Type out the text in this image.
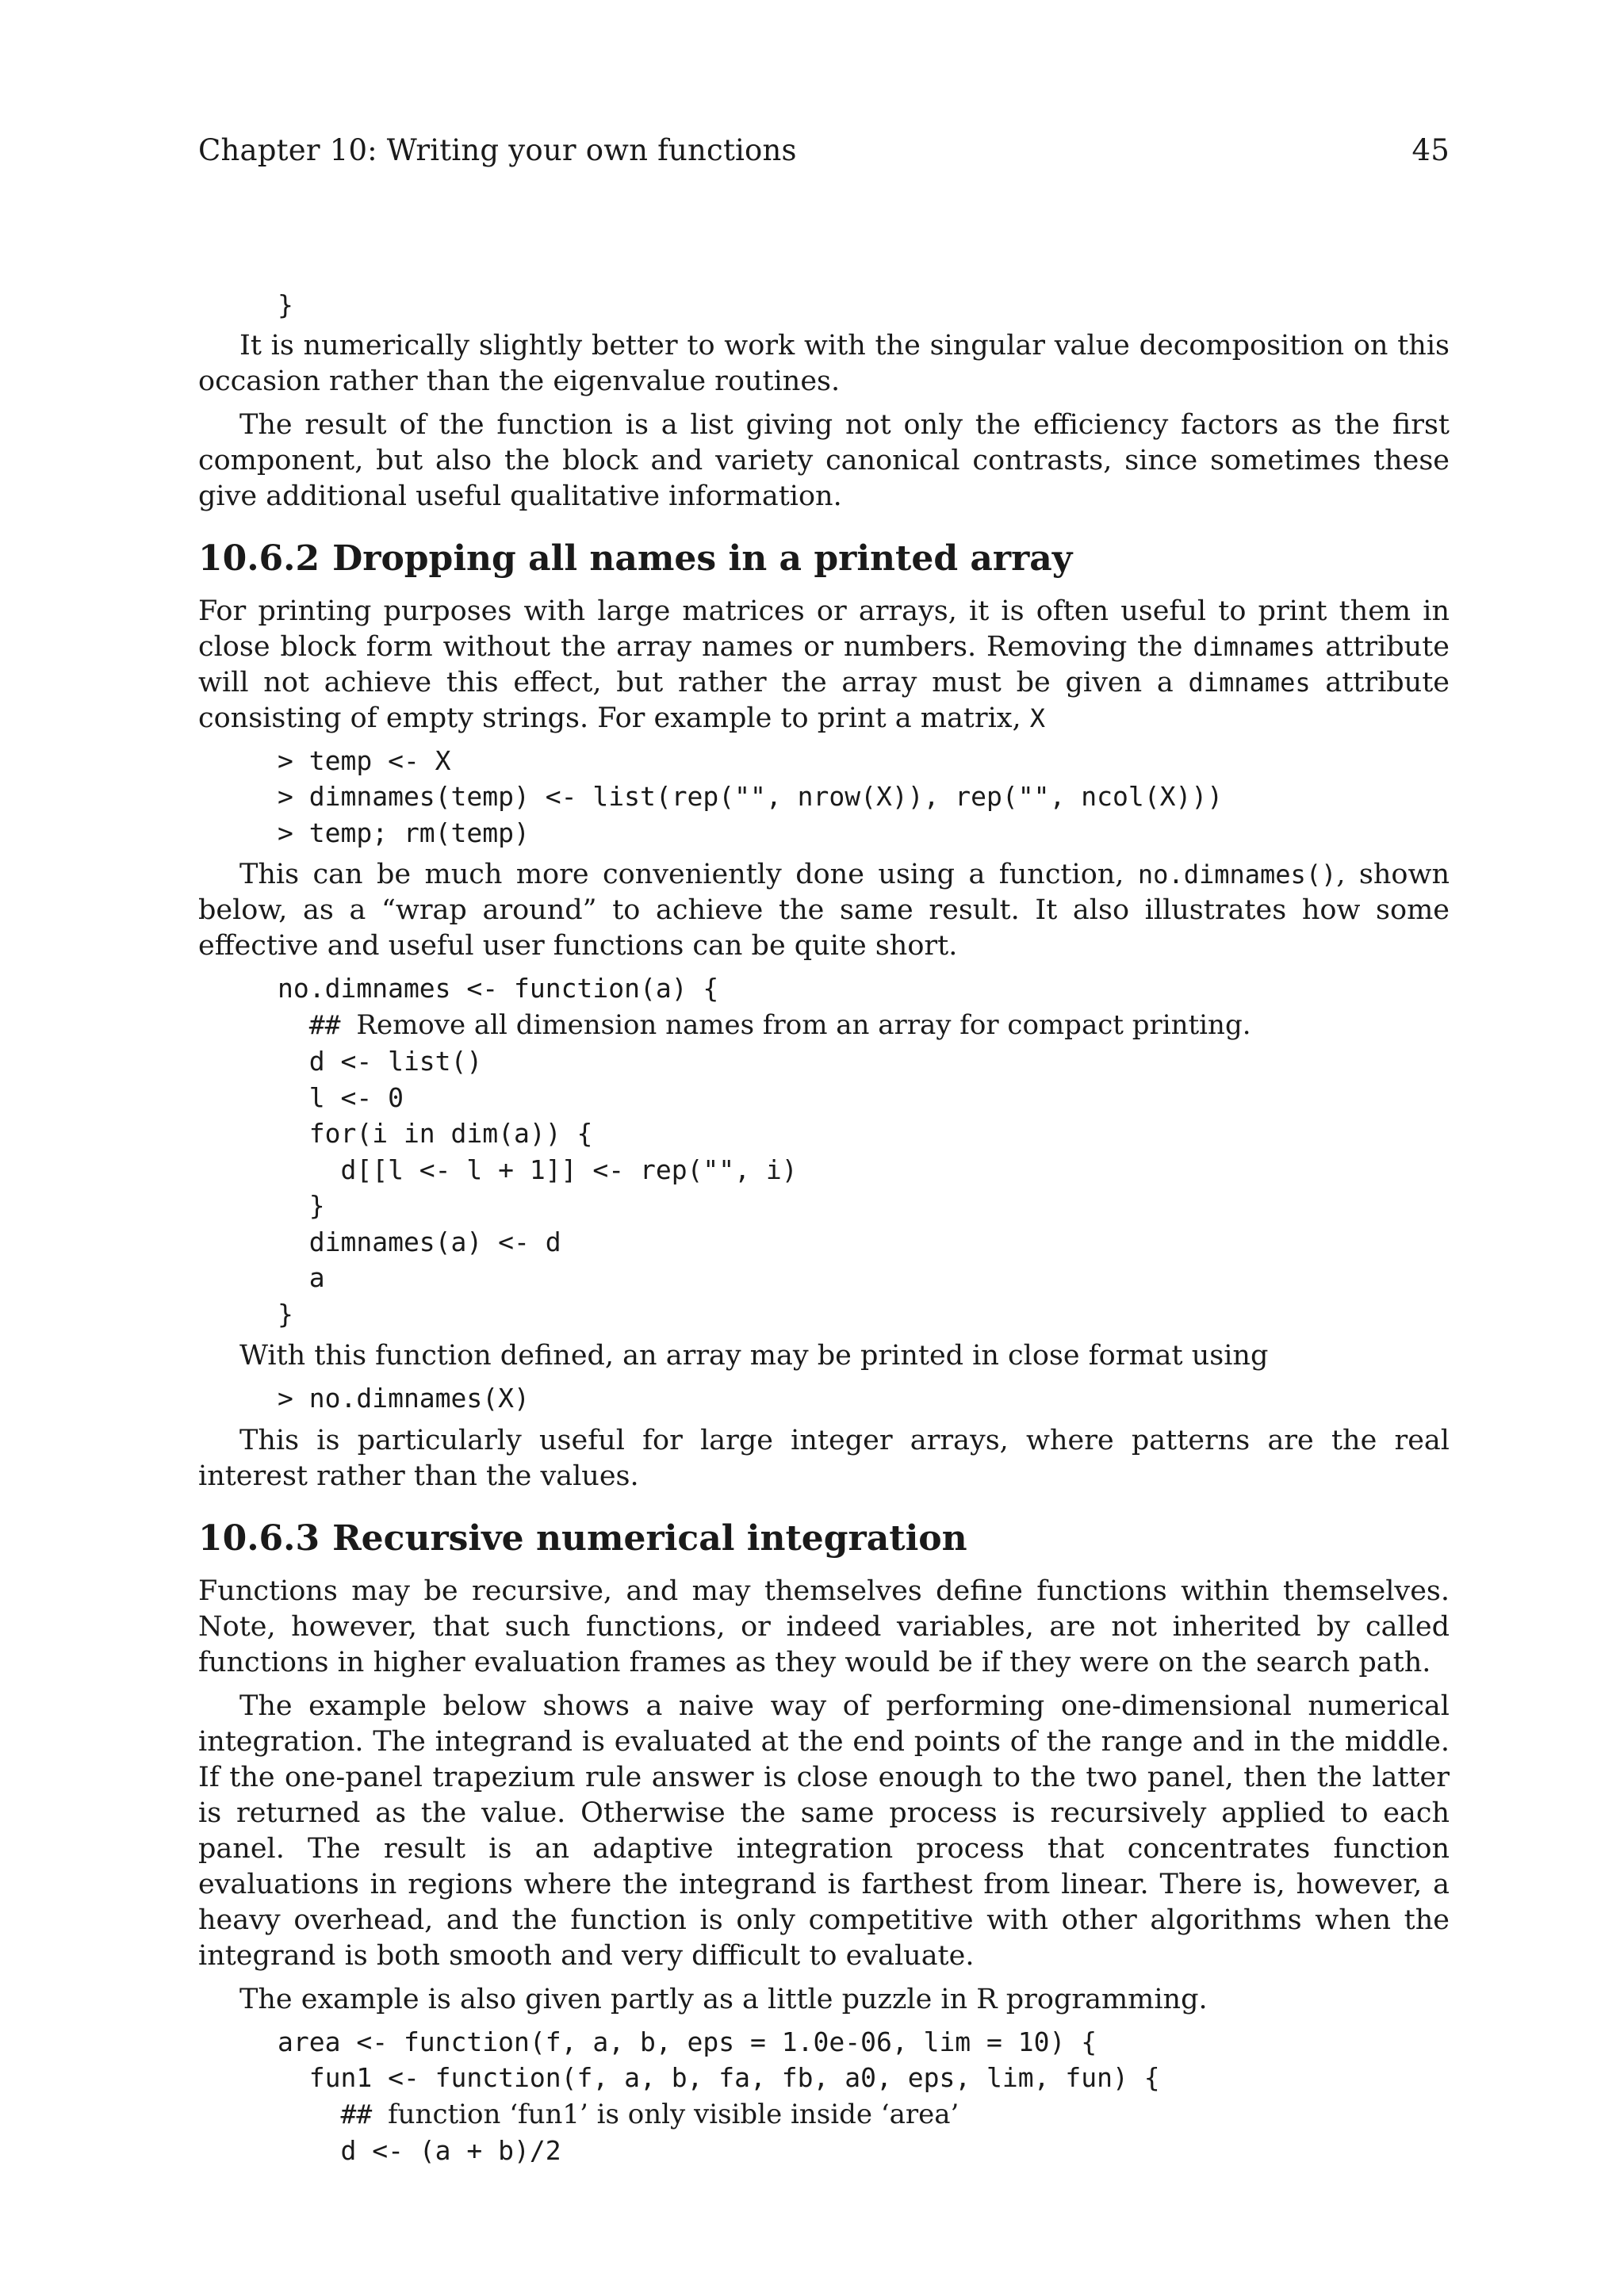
Chapter 10: Writing your own functions	45
}

It is numerically slightly better to work with the singular value decomposition on this occasion rather than the eigenvalue routines.

The result of the function is a list giving not only the efficiency factors as the first component, but also the block and variety canonical contrasts, since sometimes these give additional useful qualitative information.

10.6.2 Dropping all names in a printed array

For printing purposes with large matrices or arrays, it is often useful to print them in close block form without the array names or numbers. Removing the dimnames attribute will not achieve this effect, but rather the array must be given a dimnames attribute consisting of empty strings. For example to print a matrix, X

> temp <- X
> dimnames(temp) <- list(rep("", nrow(X)), rep("", ncol(X)))
> temp; rm(temp)

This can be much more conveniently done using a function, no.dimnames(), shown below, as a “wrap around” to achieve the same result. It also illustrates how some effective and useful user functions can be quite short.

no.dimnames <- function(a) {
## Remove all dimension names from an array for compact printing.
d <- list()
l <- 0
for(i in dim(a)) {
d[[l <- l + 1]] <- rep("", i)
}
dimnames(a) <- d
a
}

With this function defined, an array may be printed in close format using

> no.dimnames(X)

This is particularly useful for large integer arrays, where patterns are the real interest rather than the values.

10.6.3 Recursive numerical integration

Functions may be recursive, and may themselves define functions within themselves. Note, however, that such functions, or indeed variables, are not inherited by called functions in higher evaluation frames as they would be if they were on the search path.

The example below shows a naive way of performing one-dimensional numerical integration. The integrand is evaluated at the end points of the range and in the middle. If the one-panel trapezium rule answer is close enough to the two panel, then the latter is returned as the value. Otherwise the same process is recursively applied to each panel. The result is an adaptive integration process that concentrates function evaluations in regions where the integrand is farthest from linear. There is, however, a heavy overhead, and the function is only competitive with other algorithms when the integrand is both smooth and very difficult to evaluate.

The example is also given partly as a little puzzle in R programming.

area <- function(f, a, b, eps = 1.0e-06, lim = 10) {
fun1 <- function(f, a, b, fa, fb, a0, eps, lim, fun) {
## function ‘fun1’ is only visible inside ‘area’
d <- (a + b)/2
